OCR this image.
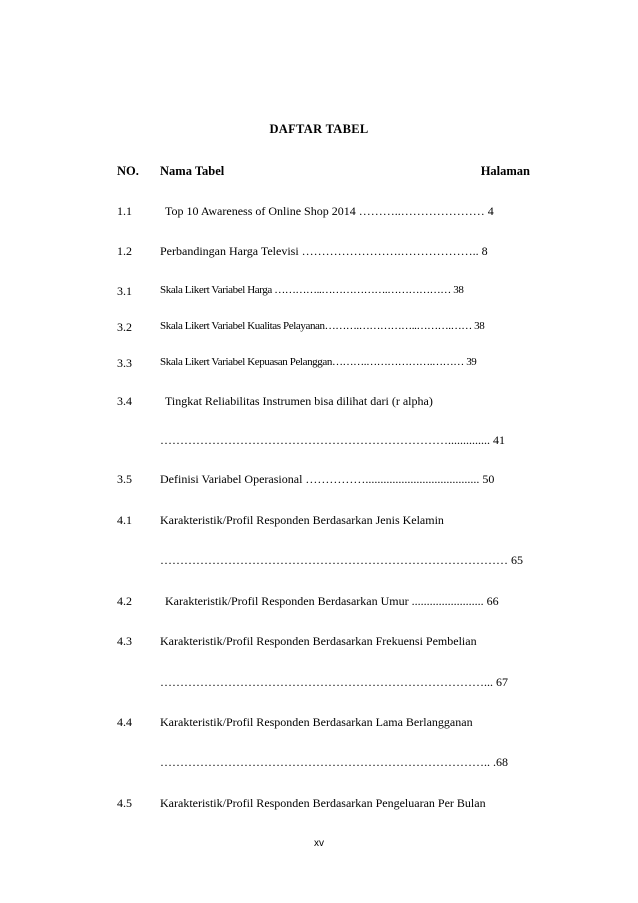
DAFTAR TABEL
NO. Nama Tabel	Halaman
1.1	Top 10 Awareness of Online Shop 2014 ………..………………… 4
1.2 Perbandingan Harga Televisi …………………….……………….. 8
3.1	Skala Likert Variabel Harga …………..……………….……………… 38
3.2	Skala Likert Variabel Kualitas Pelayanan……….……………..……….…… 38
3.3	Skala Likert Variabel Kepuasan Pelanggan……….……………….……… 39
3.4	Tingkat Reliabilitas Instrumen bisa dilihat dari (r alpha)
……………………………………………………………….............. 41
3.5 Definisi Variabel Operasional ……………...................................... 50
4.1 Karakteristik/Profil Responden Berdasarkan Jenis Kelamin
…………………………………………………………………………… 65
4.2	Karakteristik/Profil Responden Berdasarkan Umur ........................ 66
4.3 Karakteristik/Profil Responden Berdasarkan Frekuensi Pembelian
………………………………………………………………………... 67
4.4 Karakteristik/Profil Responden Berdasarkan Lama Berlangganan
……………………………………………………………………….. .68
4.5 Karakteristik/Profil Responden Berdasarkan Pengeluaran Per Bulan
xv
